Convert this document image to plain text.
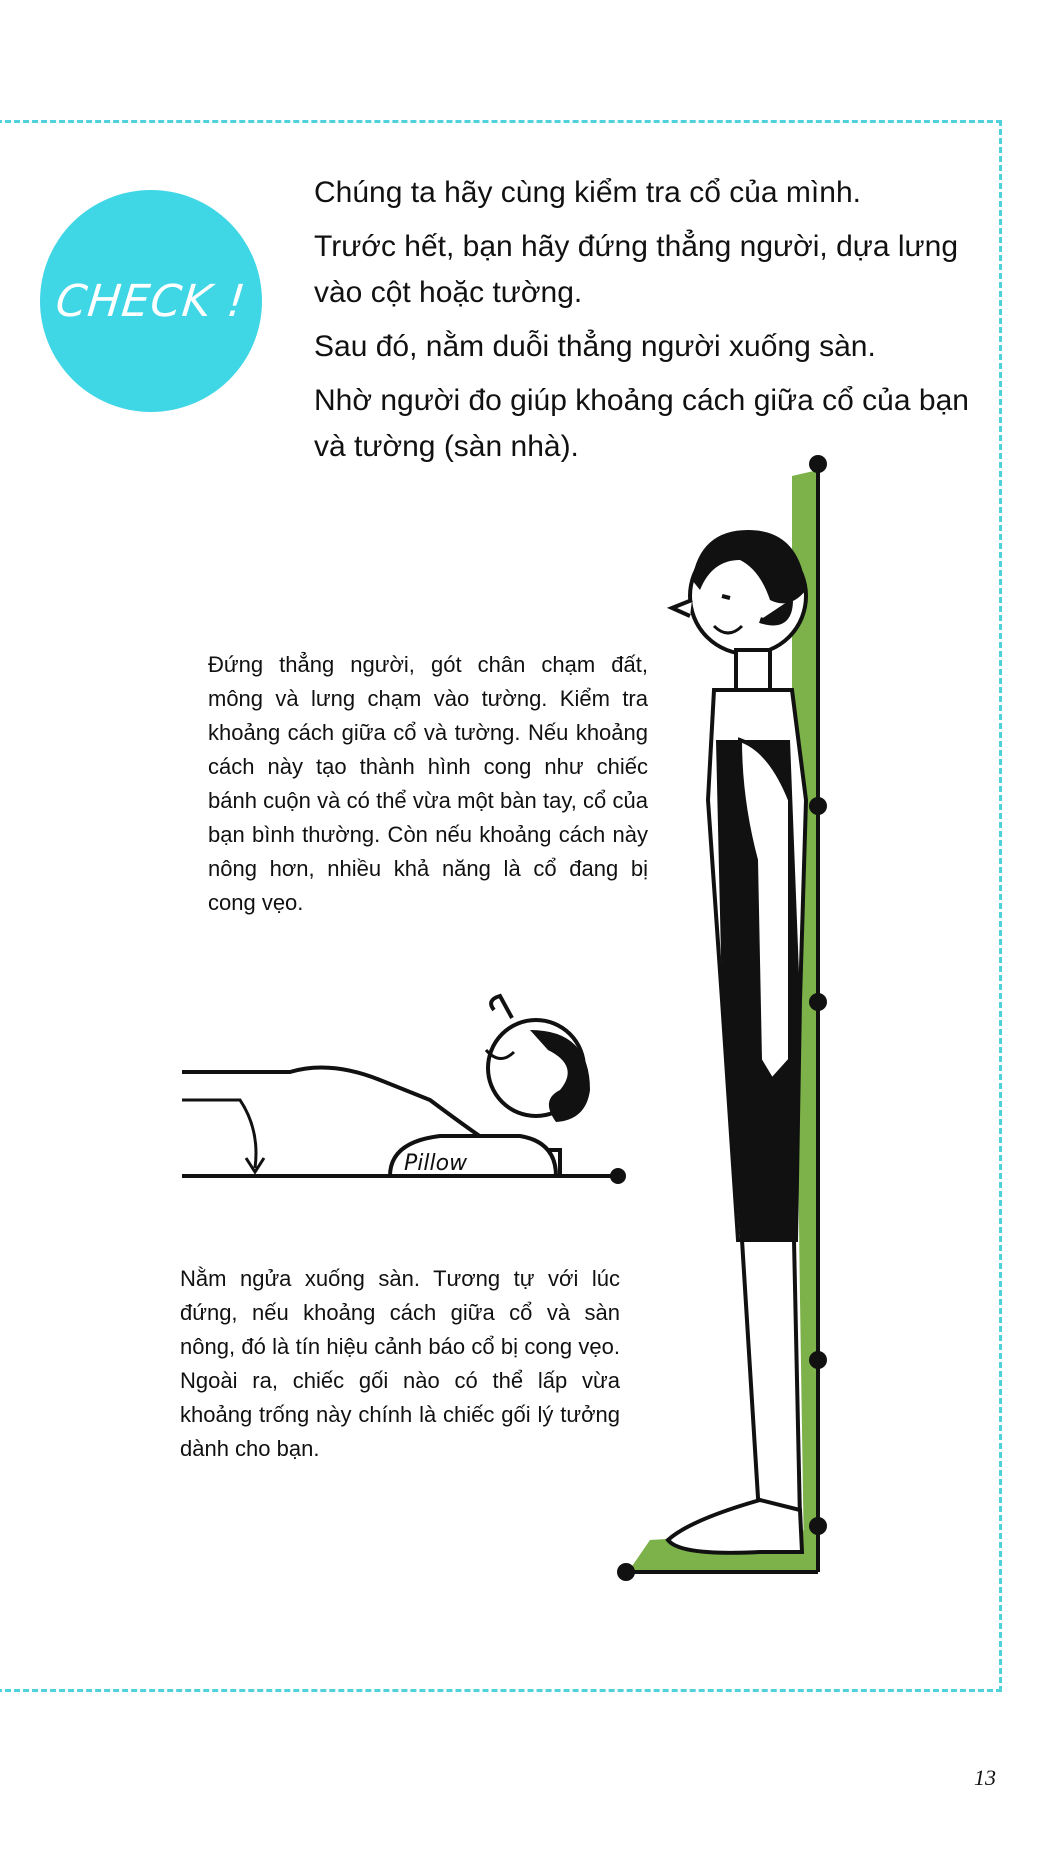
CHECK !

Chúng ta hãy cùng kiểm tra cổ của mình.

Trước hết, bạn hãy đứng thẳng người, dựa lưng vào cột hoặc tường.

Sau đó, nằm duỗi thẳng người xuống sàn.

Nhờ người đo giúp khoảng cách giữa cổ của bạn và tường (sàn nhà).

Pillow
Đứng thẳng người, gót chân chạm đất, mông và lưng chạm vào tường. Kiểm tra khoảng cách giữa cổ và tường. Nếu khoảng cách này tạo thành hình cong như chiếc bánh cuộn và có thể vừa một bàn tay, cổ của bạn bình thường. Còn nếu khoảng cách này nông hơn, nhiều khả năng là cổ đang bị cong vẹo.
Nằm ngửa xuống sàn. Tương tự với lúc đứng, nếu khoảng cách giữa cổ và sàn nông, đó là tín hiệu cảnh báo cổ bị cong vẹo. Ngoài ra, chiếc gối nào có thể lấp vừa khoảng trống này chính là chiếc gối lý tưởng dành cho bạn.
13
